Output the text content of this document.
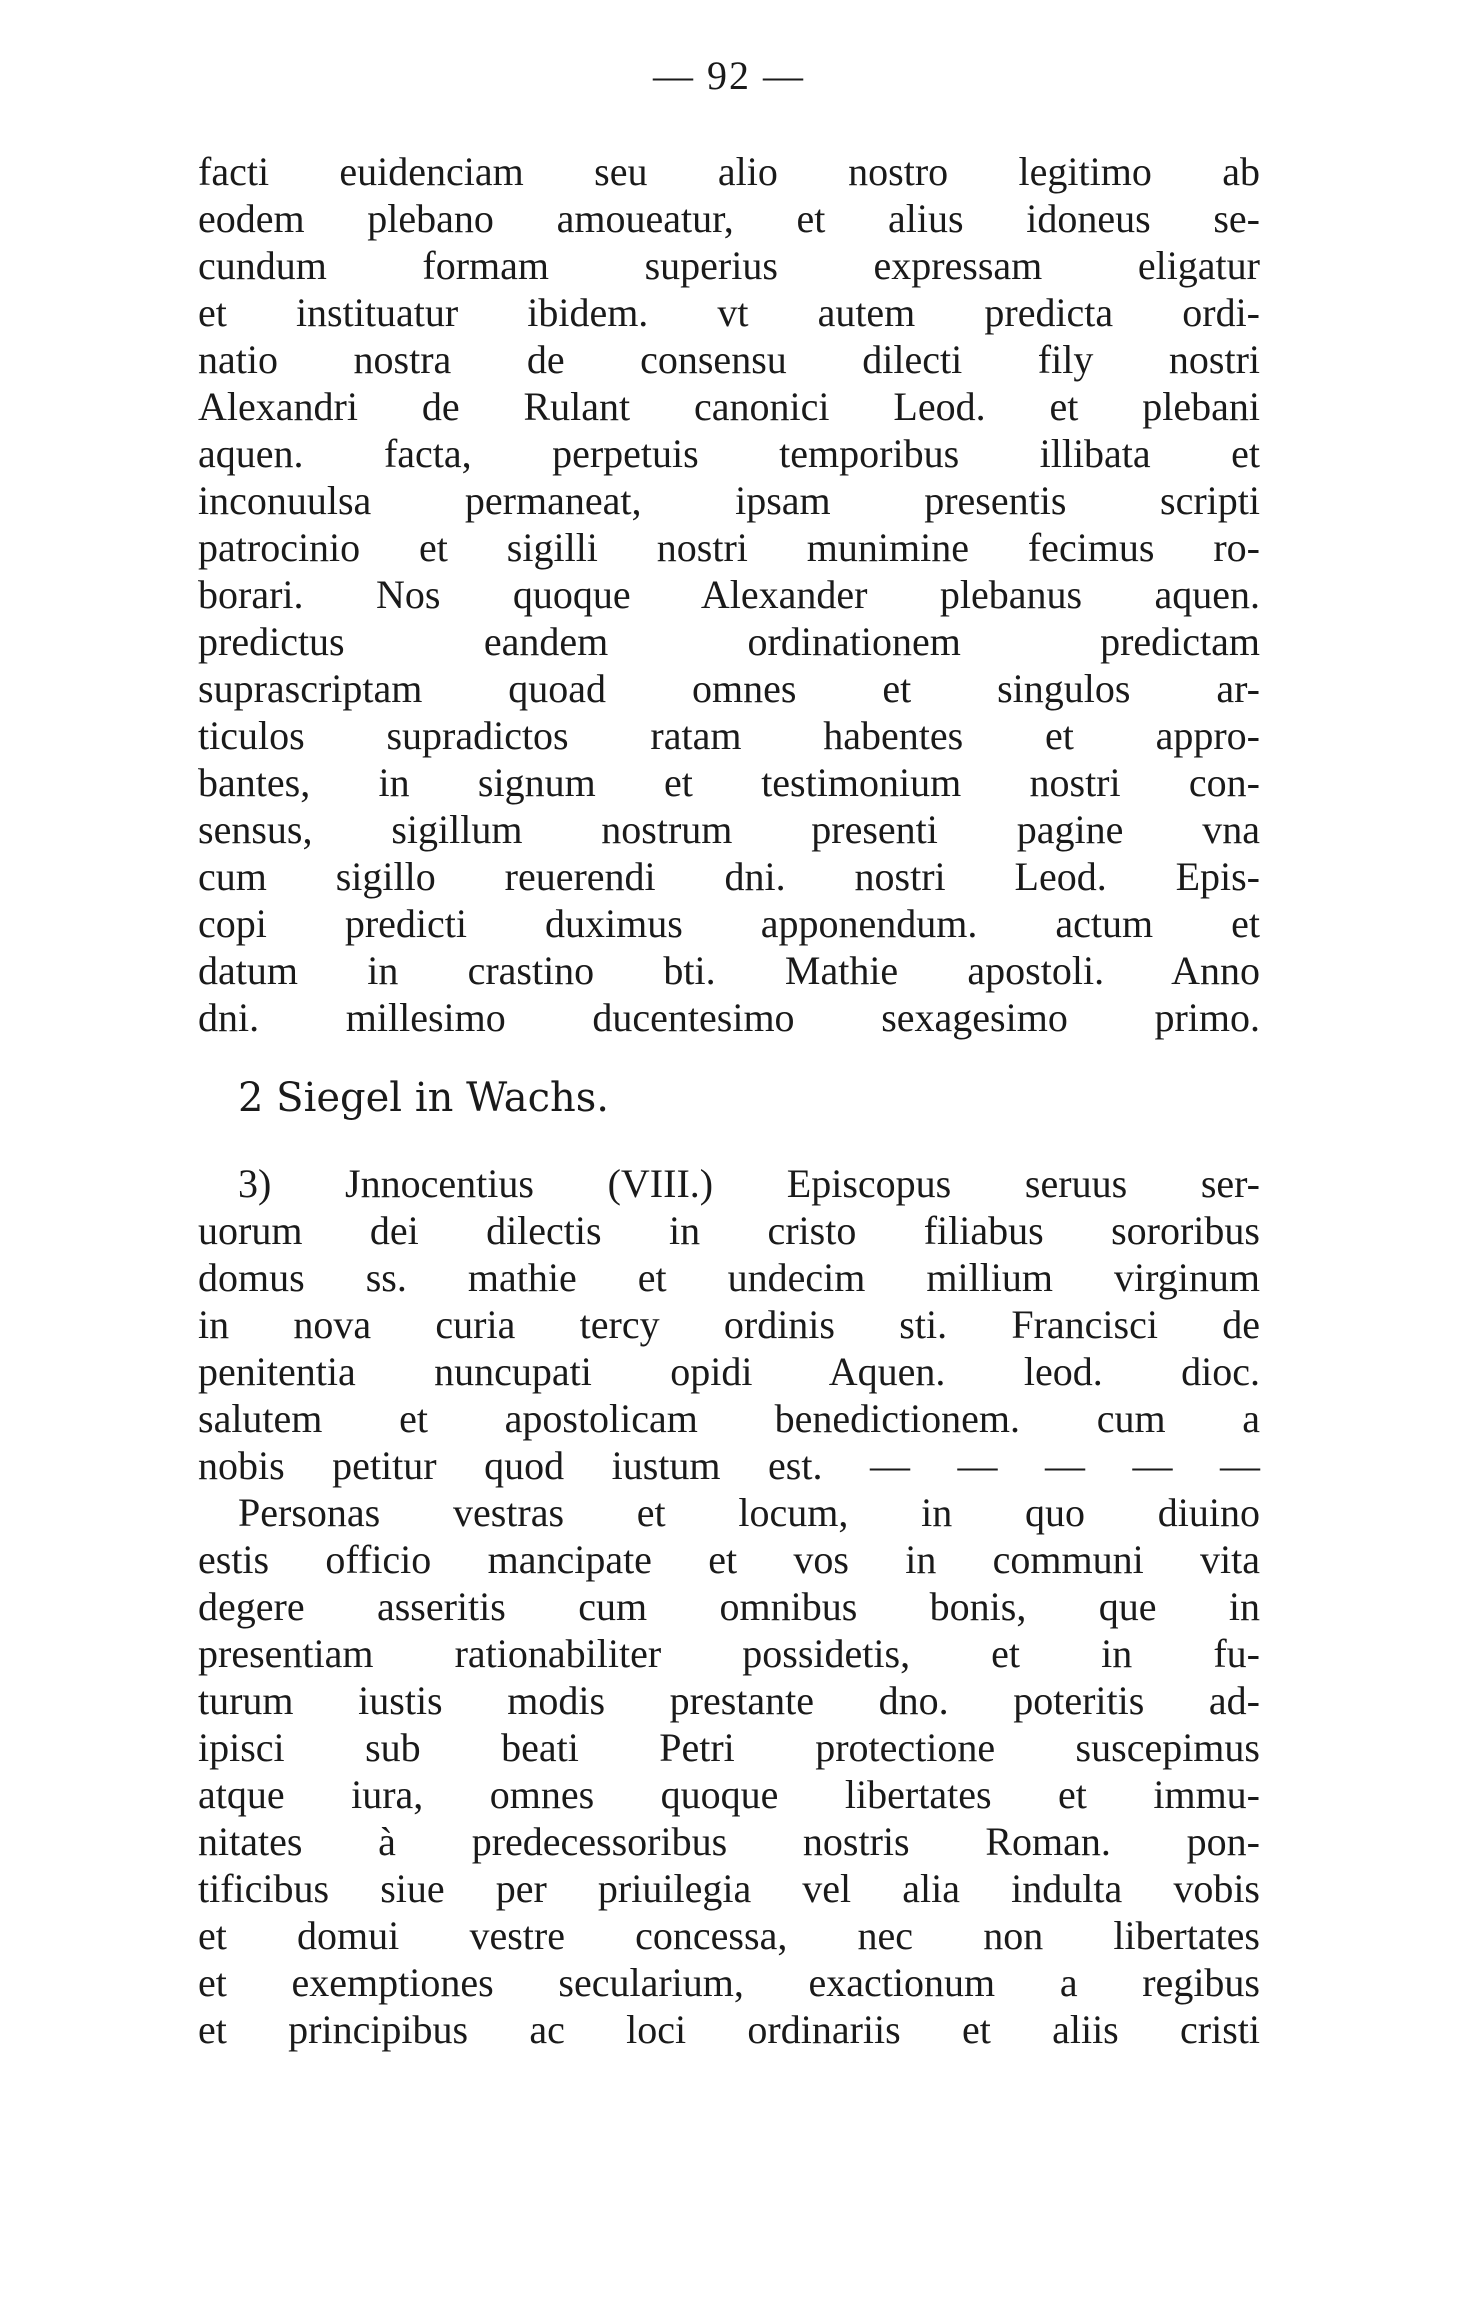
— 92 —
facti euidenciam seu alio nostro legitimo ab
eodem plebano amoueatur, et alius idoneus se-
cundum formam superius expressam eligatur
et instituatur ibidem. vt autem predicta ordi-
natio nostra de consensu dilecti fily nostri
Alexandri de Rulant canonici Leod. et plebani
aquen. facta, perpetuis temporibus illibata et
inconuulsa permaneat, ipsam presentis scripti
patrocinio et sigilli nostri munimine fecimus ro-
borari. Nos quoque Alexander plebanus aquen.
predictus eandem ordinationem predictam
suprascriptam quoad omnes et singulos ar-
ticulos supradictos ratam habentes et appro-
bantes, in signum et testimonium nostri con-
sensus, sigillum nostrum presenti pagine vna
cum sigillo reuerendi dni. nostri Leod. Epis-
copi predicti duximus apponendum. actum et
datum in crastino bti. Mathie apostoli. Anno
dni. millesimo ducentesimo sexagesimo primo.
2 Siegel in Wachs.
3) Jnnocentius (VIII.) Episcopus seruus ser-
uorum dei dilectis in cristo filiabus sororibus
domus ss. mathie et undecim millium virginum
in nova curia tercy ordinis sti. Francisci de
penitentia nuncupati opidi Aquen. leod. dioc.
salutem et apostolicam benedictionem. cum a
nobis petitur quod iustum est. — — — — —
Personas vestras et locum, in quo diuino
estis officio mancipate et vos in communi vita
degere asseritis cum omnibus bonis, que in
presentiam rationabiliter possidetis, et in fu-
turum iustis modis prestante dno. poteritis ad-
ipisci sub beati Petri protectione suscepimus
atque iura, omnes quoque libertates et immu-
nitates à predecessoribus nostris Roman. pon-
tificibus siue per priuilegia vel alia indulta vobis
et domui vestre concessa, nec non libertates
et exemptiones secularium, exactionum a regibus
et principibus ac loci ordinariis et aliis cristi
